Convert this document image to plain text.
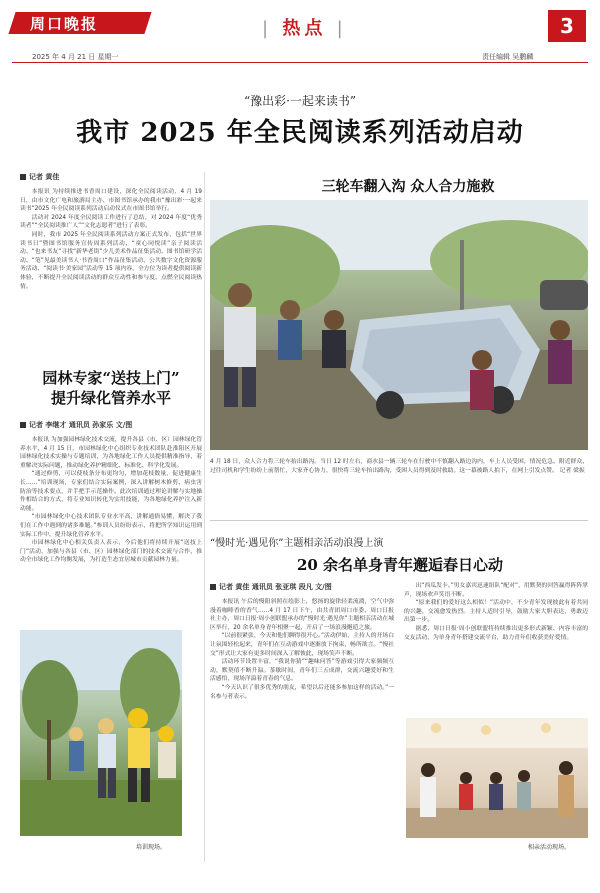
周口晚报	| 热点 |	3
2025 年 4 月 21 日 星期一	责任编辑 吴鹏麟
“豫出彩·一起来读书”
我市 2025 年全民阅读系列活动启动
记者 黄佳

本报讯 为持续推进书香周口建设，深化全民阅读活动，4 月 19 日，由市文化广电和旅游局主办、市图书馆承办的我市“豫出彩·一起来读书”2025 年全民阅读系列活动启动仪式在市图书馆举行。

活动对 2024 年度全民阅读工作进行了总结，对 2024 年度“优秀读者”“全民阅读推广人”“文化志愿者”进行了表彰。

同时，我市 2025 年全民阅读系列活动方案正式发布，包括“世界读书日”暨图书馆服务宣传周系列活动、“童心同悦读”亲子阅读活动、“也来书友”寻找“新华老街”少儿美术作品征集活动、图书馆研学活动、“笔”见最美读书人·书香周口“作品征集活动、公共数字文化资源服务活动、“阅读书·美家园”活动等 15 项内容，全方位为读者提供阅读新体验，不断提升全民阅读活动的群众互动性和参与度，点燃全民阅读热情。

园林专家“送技上门”
提升绿化管养水平
记者 李继才 通讯员 孙家乐 文/图

本报讯 为加强园林绿化技术交流，提升各县（市、区）园林绿化管养水平，4 月 15 日，市园林绿化中心组织专业技术团队赴淮阳区开展园林绿化技术实操与专题培训，为各地绿化工作人员提供精准指导，着重解决实际问题，推动绿化养护精细化、标准化、科学化发展。

“通过修剪，可以使枝条分布更均匀，增加花枝数量，促进健康生长……”培训现场，专家们结合实际案例，深入讲解树木修剪、病虫害防治等技术要点，并手把手示范操作。此次培训通过理论讲解与实地操作相结合的方式，将专业知识转化为实用技能，为各地绿化养护注入新动能。

“市园林绿化中心技术团队专业水平高，讲解通俗易懂，解决了我们在工作中遇到的诸多难题。”参训人员纷纷表示，将把所学知识运用到实际工作中，提升绿化管养水平。

市园林绿化中心相关负责人表示，今后他们将持续开展“送技上门”活动，加强与各县（市、区）园林绿化部门的技术交流与合作，推动全市绿化工作均衡发展，为打造生态宜居城市贡献园林力量。

培训现场。
三轮车翻入沟 众人合力施救
4 月 18 日，众人合力将三轮车抬出路沟。当日 12 时左右，商水县一辆三轮车在行驶中不慎翻入路边沟内，车上人员受困，情况危急。附近群众、过往司机和学生纷纷上前帮忙，大家齐心协力，很快将三轮车抬出路沟，受困人员得到及时救助。这一幕被路人拍下，在网上引发点赞。 记者 梁振
“慢时光·遇见你”主题相亲活动浪漫上演
20 余名单身青年邂逅春日心动
记者 黄佳 通讯员 张亚琪 段凡 文/图

本报讯 午后的慢阳斜照在绘影上，悠扬的旋律轻柔流淌，空气中弥漫着咖啡香的香气……4 月 17 日下午，由共青团周口市委、周口日报社主办，周口日报·周小创联盟承办的“慢时光·遇见你”主题相亲活动在城区举行，20 余名单身青年相聚一起，开启了一场浪漫邂逅之旅。

“以前很紧张，今天和他们聊得很开心。”活动伊始，主持人的开场白让氛围轻松起来，青年们在互动游戏中逐渐放下拘束，畅所欲言。“慢社交”形式让大家有更多时间深入了解彼此，现场笑声不断。

活动环节设置丰富，“我说你猜”“趣味问答”等游戏引得大家频频互动，默契值不断升温。茶歇时间，青年们三五成群，交流兴趣爱好和生活感悟，现场洋溢着青春的气息。

“今天认识了很多优秀的朋友，希望以后还能多参加这样的活动。”一名参与者表示。

出“西瓜发卡。”男女嘉宾迅速组队“配对”，用默契的回答赢得阵阵掌声，现场欢声笑语不断。

“原来我们的爱好这么相似！”活动中，不少青年发现彼此有着共同的兴趣，交流愈发热烈。主持人适时引导，鼓励大家大胆表达，勇敢迈出第一步。

据悉，周口日报·周小创联盟将持续推出更多形式新颖、内容丰富的交友活动，为单身青年搭建交流平台，助力青年们收获美好爱情。

相亲活动现场。
